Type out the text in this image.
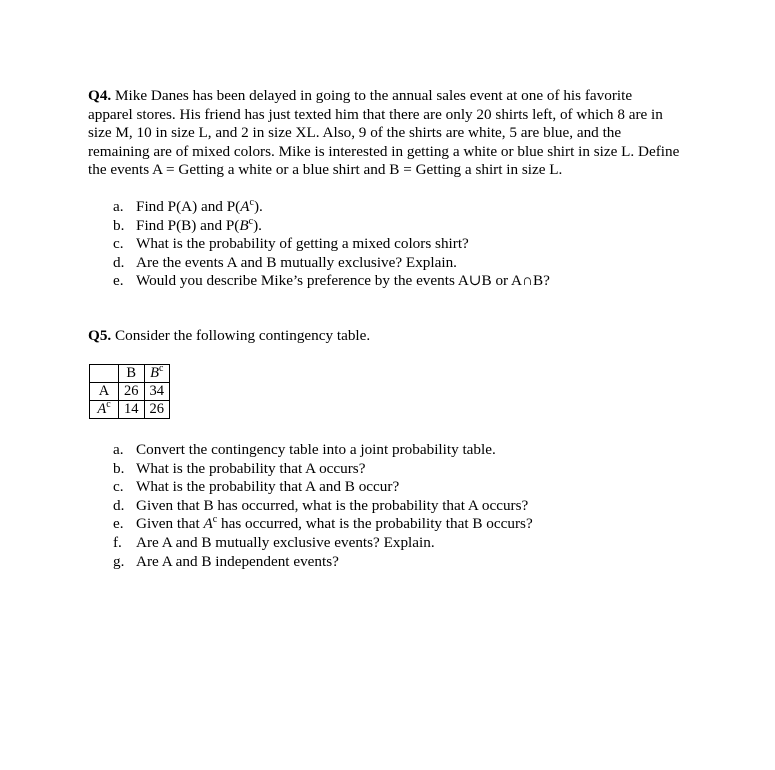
Q4. Mike Danes has been delayed in going to the annual sales event at one of his favorite
apparel stores. His friend has just texted him that there are only 20 shirts left, of which 8 are in
size M, 10 in size L, and 2 in size XL. Also, 9 of the shirts are white, 5 are blue, and the
remaining are of mixed colors. Mike is interested in getting a white or blue shirt in size L. Define
the events A = Getting a white or a blue shirt and B = Getting a shirt in size L.
a. Find P(A) and $P(A^c)$.
b. Find P(B) and $P(B^c)$.
c. What is the probability of getting a mixed colors shirt?
d. Are the events A and B mutually exclusive? Explain.
e. Would you describe Mike’s preference by the events A∪B or A∩B?
Q5. Consider the following contingency table.
	B	$B^c$
A	26	34
$A^c$	14	26
a. Convert the contingency table into a joint probability table.
b. What is the probability that A occurs?
c. What is the probability that A and B occur?
d. Given that B has occurred, what is the probability that A occurs?
e. Given that $A^c$ has occurred, what is the probability that B occurs?
f. Are A and B mutually exclusive events? Explain.
g. Are A and B independent events?
